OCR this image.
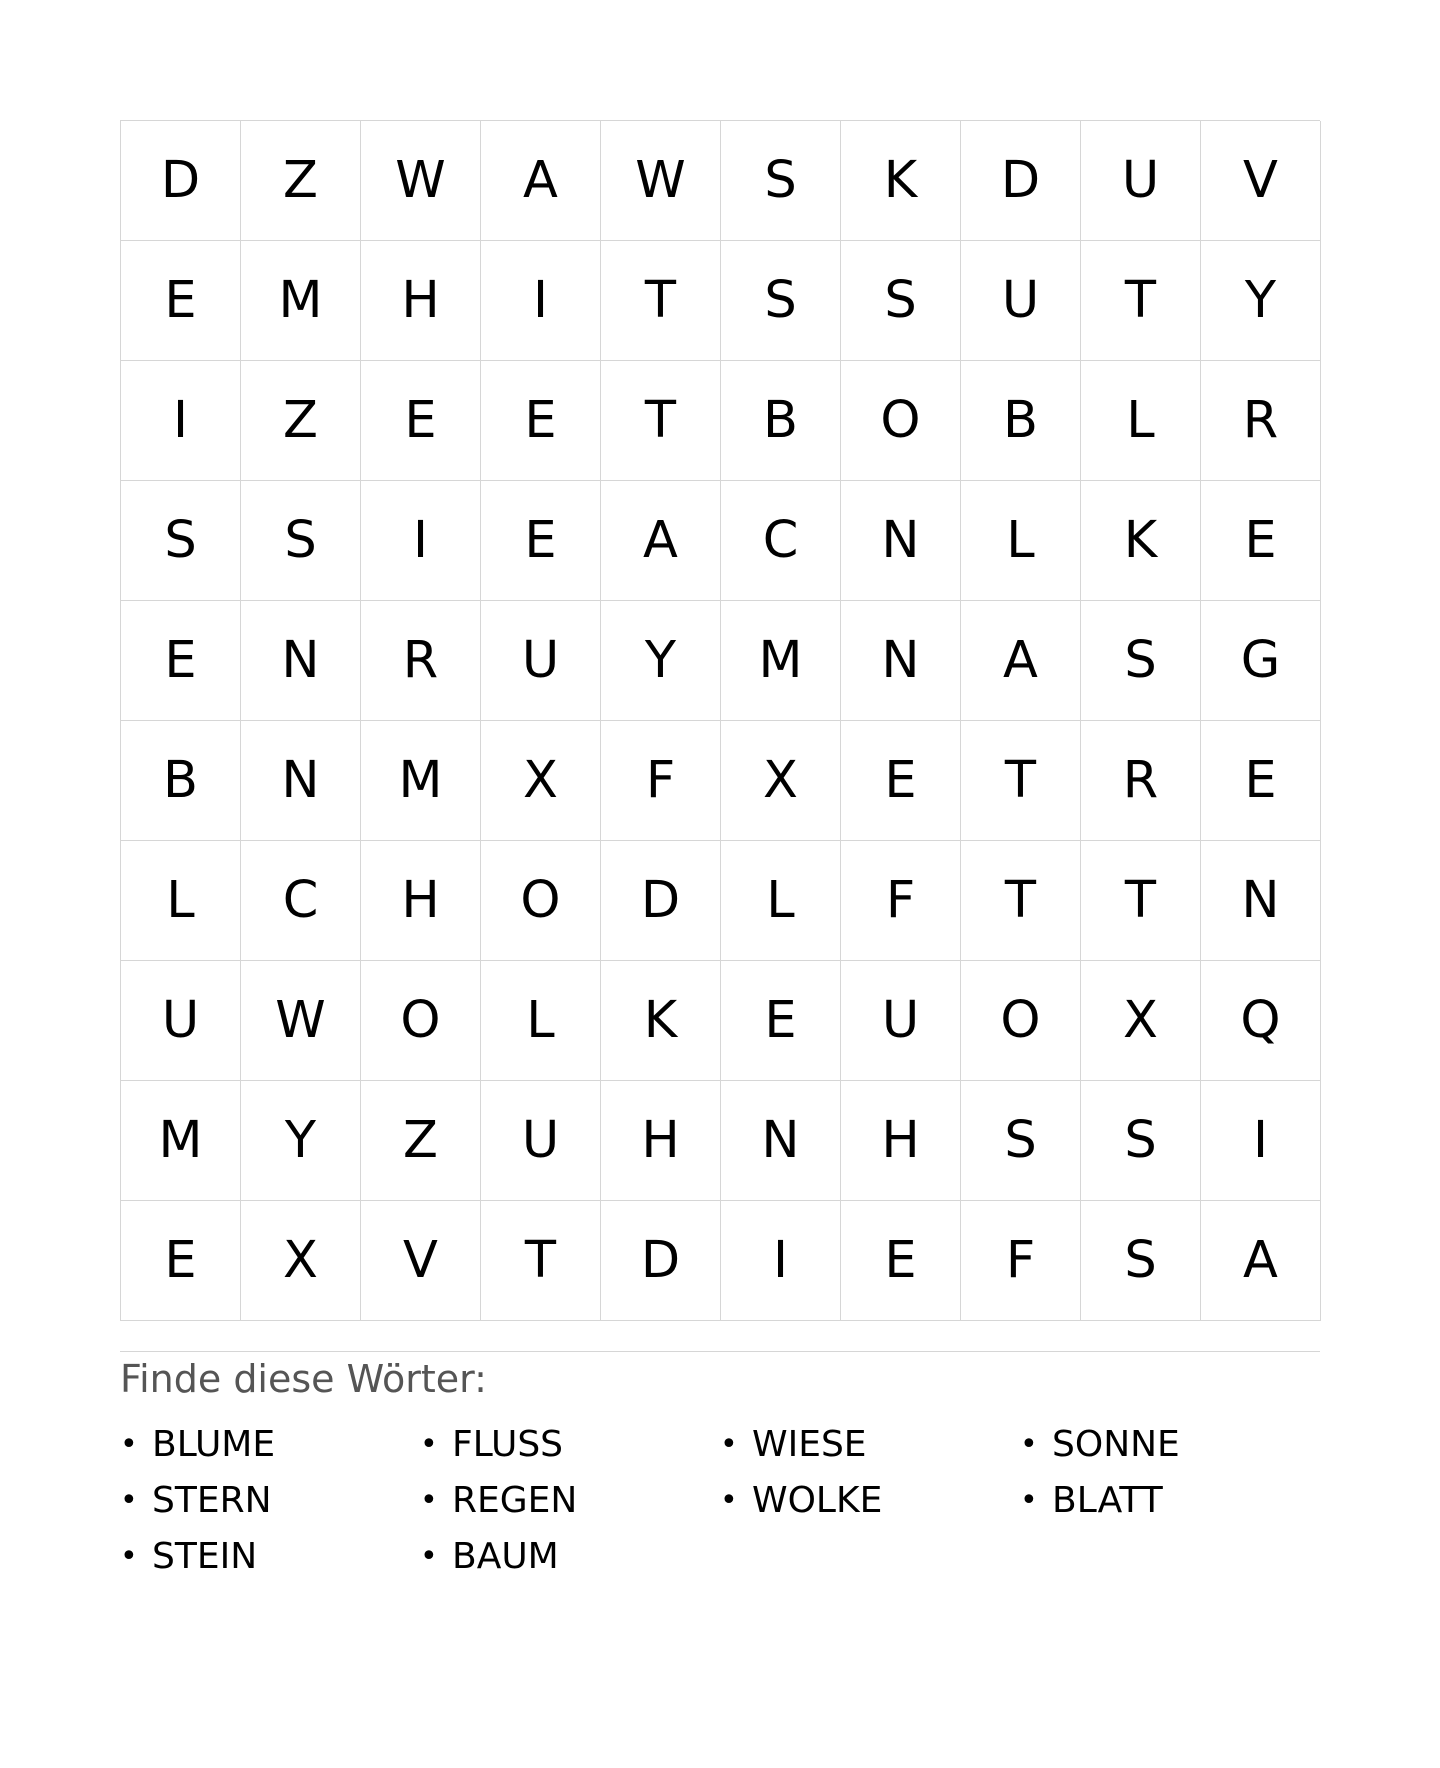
D	Z	W	A	W	S	K	D	U	V
E	M	H	I	T	S	S	U	T	Y
I	Z	E	E	T	B	O	B	L	R
S	S	I	E	A	C	N	L	K	E
E	N	R	U	Y	M	N	A	S	G
B	N	M	X	F	X	E	T	R	E
L	C	H	O	D	L	F	T	T	N
U	W	O	L	K	E	U	O	X	Q
M	Y	Z	U	H	N	H	S	S	I
E	X	V	T	D	I	E	F	S	A
Finde diese Wörter:
• BLUME	• FLUSS	• WIESE	• SONNE
• STERN	• REGEN	• WOLKE	• BLATT
• STEIN	• BAUM
